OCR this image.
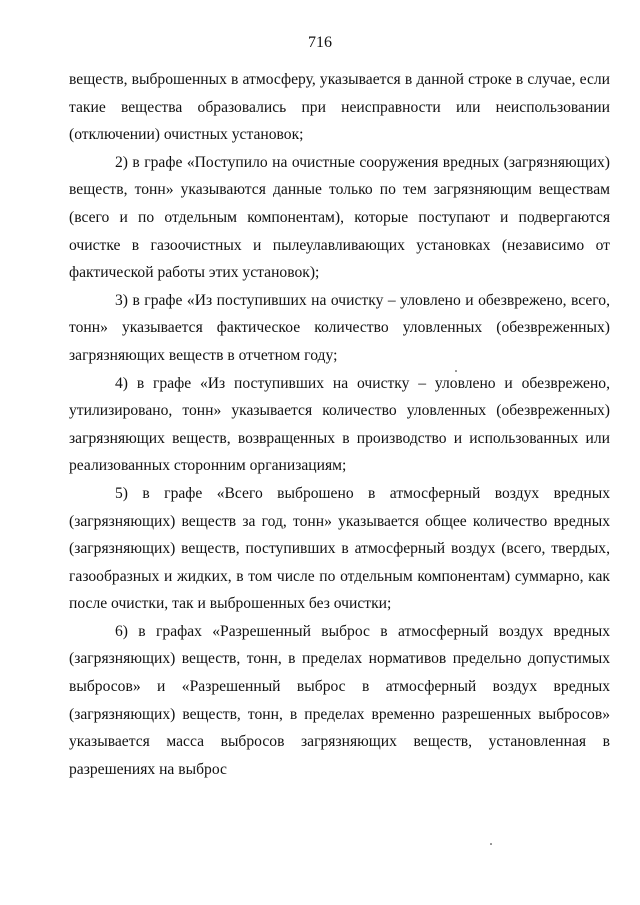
716

веществ, выброшенных в атмосферу, указывается в данной строке в случае, если такие вещества образовались при неисправности или неиспользовании (отключении) очистных установок;

2) в графе «Поступило на очистные сооружения вредных (загрязняющих) веществ, тонн» указываются данные только по тем загрязняющим веществам (всего и по отдельным компонентам), которые поступают и подвергаются очистке в газоочистных и пылеулавливающих установках (независимо от фактической работы этих установок);

3) в графе «Из поступивших на очистку – уловлено и обезврежено, всего, тонн» указывается фактическое количество уловленных (обезвреженных) загрязняющих веществ в отчетном году;

4) в графе «Из поступивших на очистку – уловлено и обезврежено, утилизировано, тонн» указывается количество уловленных (обезвреженных) загрязняющих веществ, возвращенных в производство и использованных или реализованных сторонним организациям;

5) в графе «Всего выброшено в атмосферный воздух вредных (загрязняющих) веществ за год, тонн» указывается общее количество вредных (загрязняющих) веществ, поступивших в атмосферный воздух (всего, твердых, газообразных и жидких, в том числе по отдельным компонентам) суммарно, как после очистки, так и выброшенных без очистки;

6) в графах «Разрешенный выброс в атмосферный воздух вредных (загрязняющих) веществ, тонн, в пределах нормативов предельно допустимых выбросов» и «Разрешенный выброс в атмосферный воздух вредных (загрязняющих) веществ, тонн, в пределах временно разрешенных выбросов» указывается масса выбросов загрязняющих веществ, установленная в разрешениях на выброс
